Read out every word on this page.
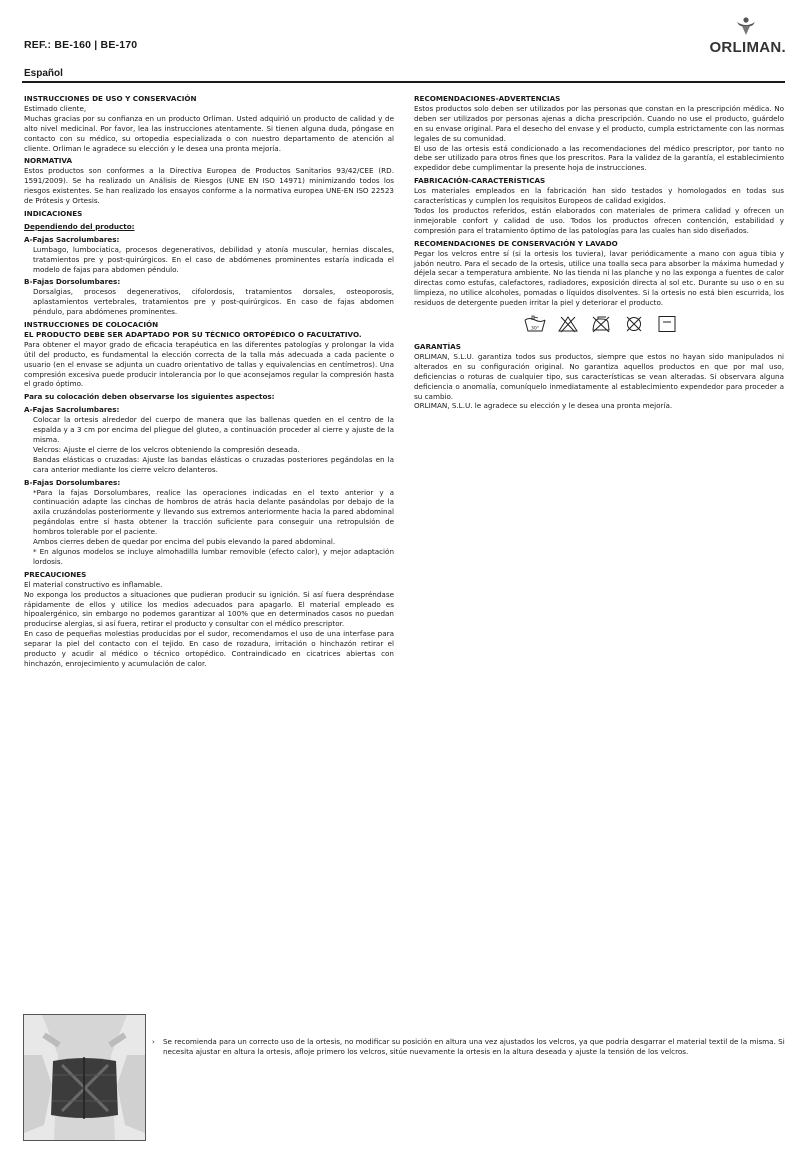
REF.: BE-160 | BE-170	ORLIMAN.
Español

INSTRUCCIONES DE USO Y CONSERVACIÓN

Estimado cliente,

Muchas gracias por su confianza en un producto Orliman. Usted adquirió un producto de calidad y de alto nivel medicinal. Por favor, lea las instrucciones atentamente. Si tienen alguna duda, póngase en contacto con su médico, su ortopedia especializada o con nuestro departamento de atención al cliente. Orliman le agradece su elección y le desea una pronta mejoría.

NORMATIVA

Estos productos son conformes a la Directiva Europea de Productos Sanitarios 93/42/CEE (RD. 1591/2009). Se ha realizado un Análisis de Riesgos (UNE EN ISO 14971) minimizando todos los riesgos existentes. Se han realizado los ensayos conforme a la normativa europea UNE-EN ISO 22523 de Prótesis y Ortesis.

INDICACIONES

Dependiendo del producto:

A-Fajas Sacrolumbares:

Lumbago, lumbociatica, procesos degenerativos, debilidad y atonía muscular, hernias discales, tratamientos pre y post-quirúrgicos. En el caso de abdómenes prominentes estaría indicada el modelo de fajas para abdomen péndulo.

B-Fajas Dorsolumbares:

Dorsalgias, procesos degenerativos, cifolordosis, tratamientos dorsales, osteoporosis, aplastamientos vertebrales, tratamientos pre y post-quirúrgicos. En caso de fajas abdomen péndulo, para abdómenes prominentes.

INSTRUCCIONES DE COLOCACIÓN

EL PRODUCTO DEBE SER ADAPTADO POR SU TÉCNICO ORTOPÉDICO O FACULTATIVO.

Para obtener el mayor grado de eficacia terapéutica en las diferentes patologías y prolongar la vida útil del producto, es fundamental la elección correcta de la talla más adecuada a cada paciente o usuario (en el envase se adjunta un cuadro orientativo de tallas y equivalencias en centímetros). Una compresión excesiva puede producir intolerancia por lo que aconsejamos regular la compresión hasta el grado óptimo.

Para su colocación deben observarse los siguientes aspectos:

A-Fajas Sacrolumbares:

Colocar la ortesis alrededor del cuerpo de manera que las ballenas queden en el centro de la espalda y a 3 cm por encima del pliegue del gluteo, a continuación proceder al cierre y ajuste de la misma.

Velcros: Ajuste el cierre de los velcros obteniendo la compresión deseada.

Bandas elásticas o cruzadas: Ajuste las bandas elásticas o cruzadas posteriores pegándolas en la cara anterior mediante los cierre velcro delanteros.

B-Fajas Dorsolumbares:

*Para la fajas Dorsolumbares, realice las operaciones indicadas en el texto anterior y a continuación adapte las cinchas de hombros de atrás hacia delante pasándolas por debajo de la axila cruzándolas posteriormente y llevando sus extremos anteriormente hacia la pared abdominal pegándolas entre sí hasta obtener la tracción suficiente para conseguir una retropulsión de hombros tolerable por el paciente.

Ambos cierres deben de quedar por encima del pubis elevando la pared abdominal.

* En algunos modelos se incluye almohadilla lumbar removible (efecto calor), y mejor adaptación lordosis.

PRECAUCIONES

El material constructivo es inflamable.

No exponga los productos a situaciones que pudieran producir su ignición. Si así fuera despréndase rápidamente de ellos y utilice los medios adecuados para apagarlo. El material empleado es hipoalergénico, sin embargo no podemos garantizar al 100% que en determinados casos no puedan producirse alergias, si así fuera, retirar el producto y consultar con el médico prescriptor.

En caso de pequeñas molestias producidas por el sudor, recomendamos el uso de una interfase para separar la piel del contacto con el tejido. En caso de rozadura, irritación o hinchazón retirar el producto y acudir al médico o técnico ortopédico. Contraindicado en cicatrices abiertas con hinchazón, enrojecimiento y acumulación de calor.

RECOMENDACIONES-ADVERTENCIAS

Estos productos solo deben ser utilizados por las personas que constan en la prescripción médica. No deben ser utilizados por personas ajenas a dicha prescripción. Cuando no use el producto, guárdelo en su envase original. Para el desecho del envase y el producto, cumpla estrictamente con las normas legales de su comunidad.

El uso de las ortesis está condicionado a las recomendaciones del médico prescriptor, por tanto no debe ser utilizado para otros fines que los prescritos. Para la validez de la garantía, el establecimiento expedidor debe cumplimentar la presente hoja de instrucciones.

FABRICACIÓN-CARACTERÍSTICAS

Los materiales empleados en la fabricación han sido testados y homologados en todas sus características y cumplen los requisitos Europeos de calidad exigidos.

Todos los productos referidos, están elaborados con materiales de primera calidad y ofrecen un inmejorable confort y calidad de uso. Todos los productos ofrecen contención, estabilidad y compresión para el tratamiento óptimo de las patologías para las cuales han sido diseñados.

RECOMENDACIONES DE CONSERVACIÓN Y LAVADO

Pegar los velcros entre sí (si la ortesis los tuviera), lavar periódicamente a mano con agua tibia y jabón neutro. Para el secado de la ortesis, utilice una toalla seca para absorber la máxima humedad y déjela secar a temperatura ambiente. No las tienda ni las planche y no las exponga a fuentes de calor directas como estufas, calefactores, radiadores, exposición directa al sol etc. Durante su uso o en su limpieza, no utilice alcoholes, pomadas o líquidos disolventes. Si la ortesis no está bien escurrida, los residuos de detergente pueden irritar la piel y deteriorar el producto.

30°

GARANTÍAS

ORLIMAN, S.L.U. garantiza todos sus productos, siempre que estos no hayan sido manipulados ni alterados en su configuración original. No garantiza aquellos productos en que por mal uso, deficiencias o roturas de cualquier tipo, sus características se vean alteradas. Si observara alguna deficiencia o anomalía, comuníquelo inmediatamente al establecimiento expendedor para proceder a su cambio.

ORLIMAN, S.L.U. le agradece su elección y le desea una pronta mejoría.

› Se recomienda para un correcto uso de la ortesis, no modificar su posición en altura una vez ajustados los velcros, ya que podría desgarrar el material textil de la misma. Si necesita ajustar en altura la ortesis, afloje primero los velcros, sitúe nuevamente la ortesis en la altura deseada y ajuste la tensión de los velcros.
